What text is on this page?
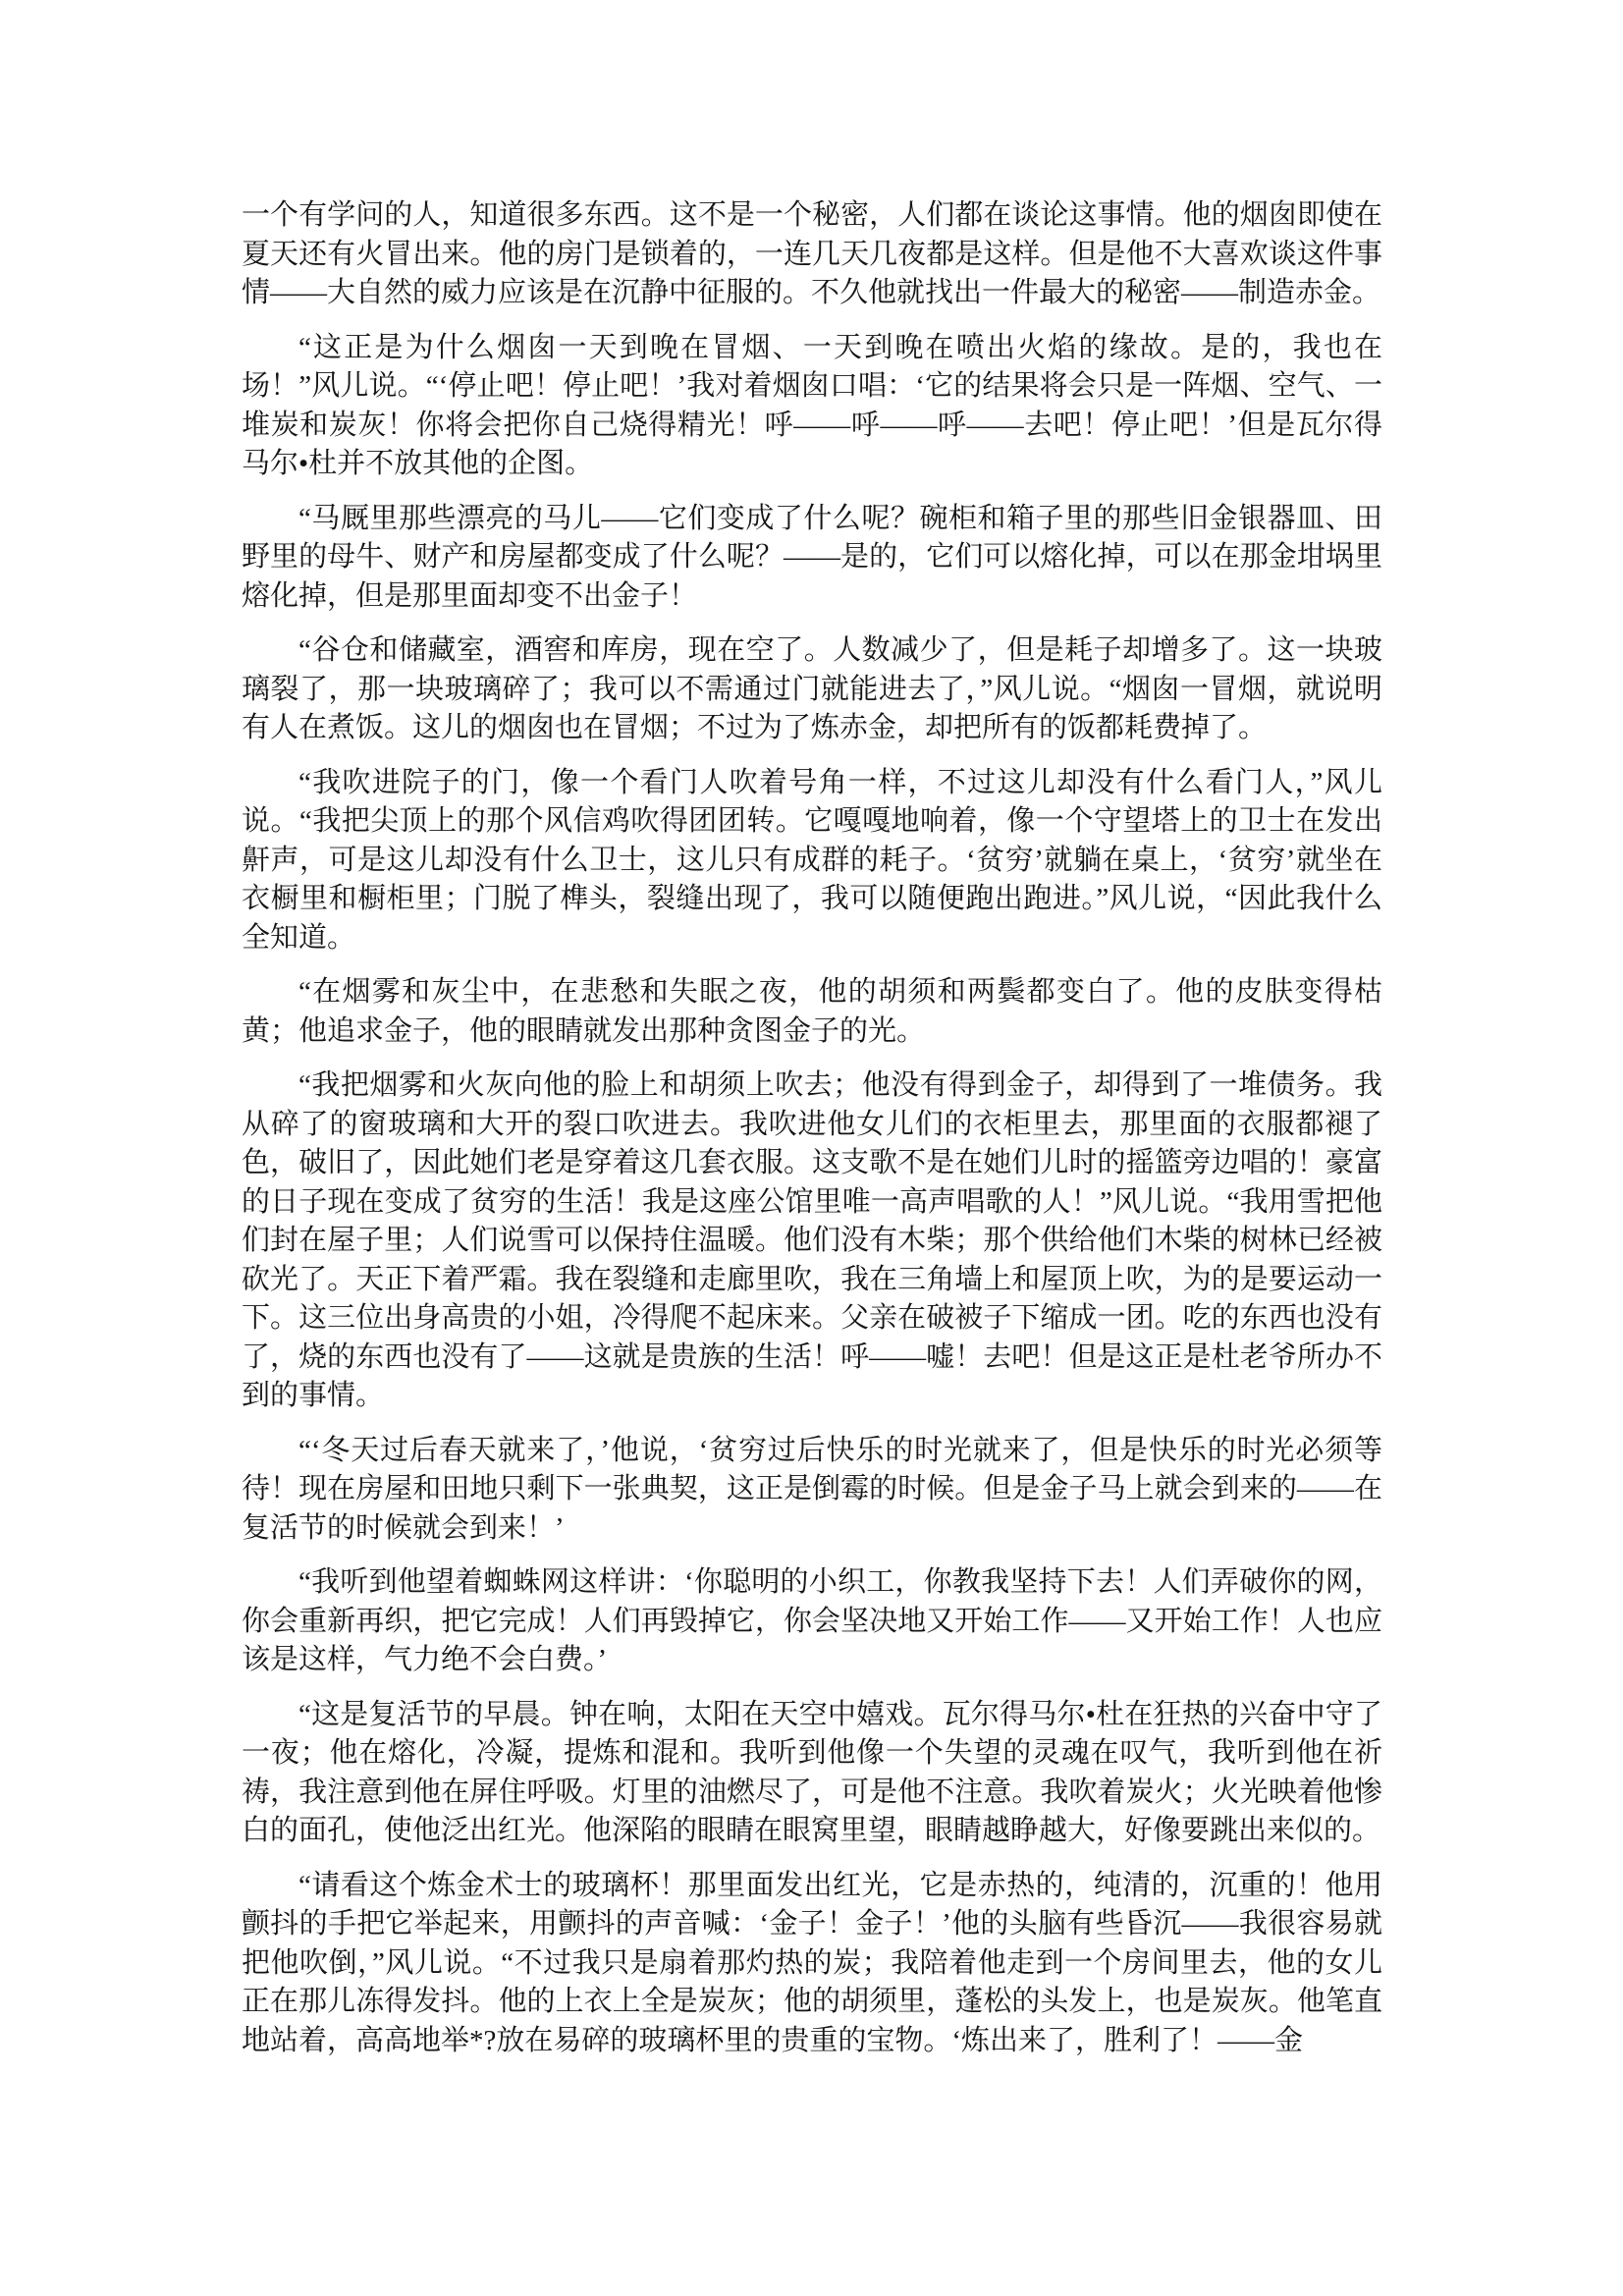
一个有学问的人，知道很多东西。这不是一个秘密，人们都在谈论这事情。他的烟囱即使在夏天还有火冒出来。他的房门是锁着的，一连几天几夜都是这样。但是他不大喜欢谈这件事情——大自然的威力应该是在沉静中征服的。不久他就找出一件最大的秘密——制造赤金。

“这正是为什么烟囱一天到晚在冒烟、一天到晚在喷出火焰的缘故。是的，我也在场！”风儿说。“‘停止吧！停止吧！’我对着烟囱口唱：‘它的结果将会只是一阵烟、空气、一堆炭和炭灰！你将会把你自己烧得精光！呼——呼——呼——去吧！停止吧！’但是瓦尔得马尔•杜并不放其他的企图。

“马厩里那些漂亮的马儿——它们变成了什么呢？碗柜和箱子里的那些旧金银器皿、田野里的母牛、财产和房屋都变成了什么呢？——是的，它们可以熔化掉，可以在那金坩埚里熔化掉，但是那里面却变不出金子！

“谷仓和储藏室，酒窖和库房，现在空了。人数减少了，但是耗子却增多了。这一块玻璃裂了，那一块玻璃碎了；我可以不需通过门就能进去了，”风儿说。“烟囱一冒烟，就说明有人在煮饭。这儿的烟囱也在冒烟；不过为了炼赤金，却把所有的饭都耗费掉了。

“我吹进院子的门，像一个看门人吹着号角一样，不过这儿却没有什么看门人，”风儿说。“我把尖顶上的那个风信鸡吹得团团转。它嘎嘎地响着，像一个守望塔上的卫士在发出鼾声，可是这儿却没有什么卫士，这儿只有成群的耗子。‘贫穷’就躺在桌上，‘贫穷’就坐在衣橱里和橱柜里；门脱了榫头，裂缝出现了，我可以随便跑出跑进。”风儿说，“因此我什么全知道。

“在烟雾和灰尘中，在悲愁和失眠之夜，他的胡须和两鬓都变白了。他的皮肤变得枯黄；他追求金子，他的眼睛就发出那种贪图金子的光。

“我把烟雾和火灰向他的脸上和胡须上吹去；他没有得到金子，却得到了一堆债务。我从碎了的窗玻璃和大开的裂口吹进去。我吹进他女儿们的衣柜里去，那里面的衣服都褪了色，破旧了，因此她们老是穿着这几套衣服。这支歌不是在她们儿时的摇篮旁边唱的！豪富的日子现在变成了贫穷的生活！我是这座公馆里唯一高声唱歌的人！”风儿说。“我用雪把他们封在屋子里；人们说雪可以保持住温暖。他们没有木柴；那个供给他们木柴的树林已经被砍光了。天正下着严霜。我在裂缝和走廊里吹，我在三角墙上和屋顶上吹，为的是要运动一下。这三位出身高贵的小姐，冷得爬不起床来。父亲在破被子下缩成一团。吃的东西也没有了，烧的东西也没有了——这就是贵族的生活！呼——嘘！去吧！但是这正是杜老爷所办不到的事情。

“‘冬天过后春天就来了，’他说，‘贫穷过后快乐的时光就来了，但是快乐的时光必须等待！现在房屋和田地只剩下一张典契，这正是倒霉的时候。但是金子马上就会到来的——在复活节的时候就会到来！’

“我听到他望着蜘蛛网这样讲：‘你聪明的小织工，你教我坚持下去！人们弄破你的网，你会重新再织，把它完成！人们再毁掉它，你会坚决地又开始工作——又开始工作！人也应该是这样，气力绝不会白费。’

“这是复活节的早晨。钟在响，太阳在天空中嬉戏。瓦尔得马尔•杜在狂热的兴奋中守了一夜；他在熔化，冷凝，提炼和混和。我听到他像一个失望的灵魂在叹气，我听到他在祈祷，我注意到他在屏住呼吸。灯里的油燃尽了，可是他不注意。我吹着炭火；火光映着他惨白的面孔，使他泛出红光。他深陷的眼睛在眼窝里望，眼睛越睁越大，好像要跳出来似的。

“请看这个炼金术士的玻璃杯！那里面发出红光，它是赤热的，纯清的，沉重的！他用颤抖的手把它举起来，用颤抖的声音喊：‘金子！金子！’他的头脑有些昏沉——我很容易就把他吹倒，”风儿说。“不过我只是扇着那灼热的炭；我陪着他走到一个房间里去，他的女儿正在那儿冻得发抖。他的上衣上全是炭灰；他的胡须里，蓬松的头发上，也是炭灰。他笔直地站着，高高地举*?放在易碎的玻璃杯里的贵重的宝物。‘炼出来了，胜利了！——金
